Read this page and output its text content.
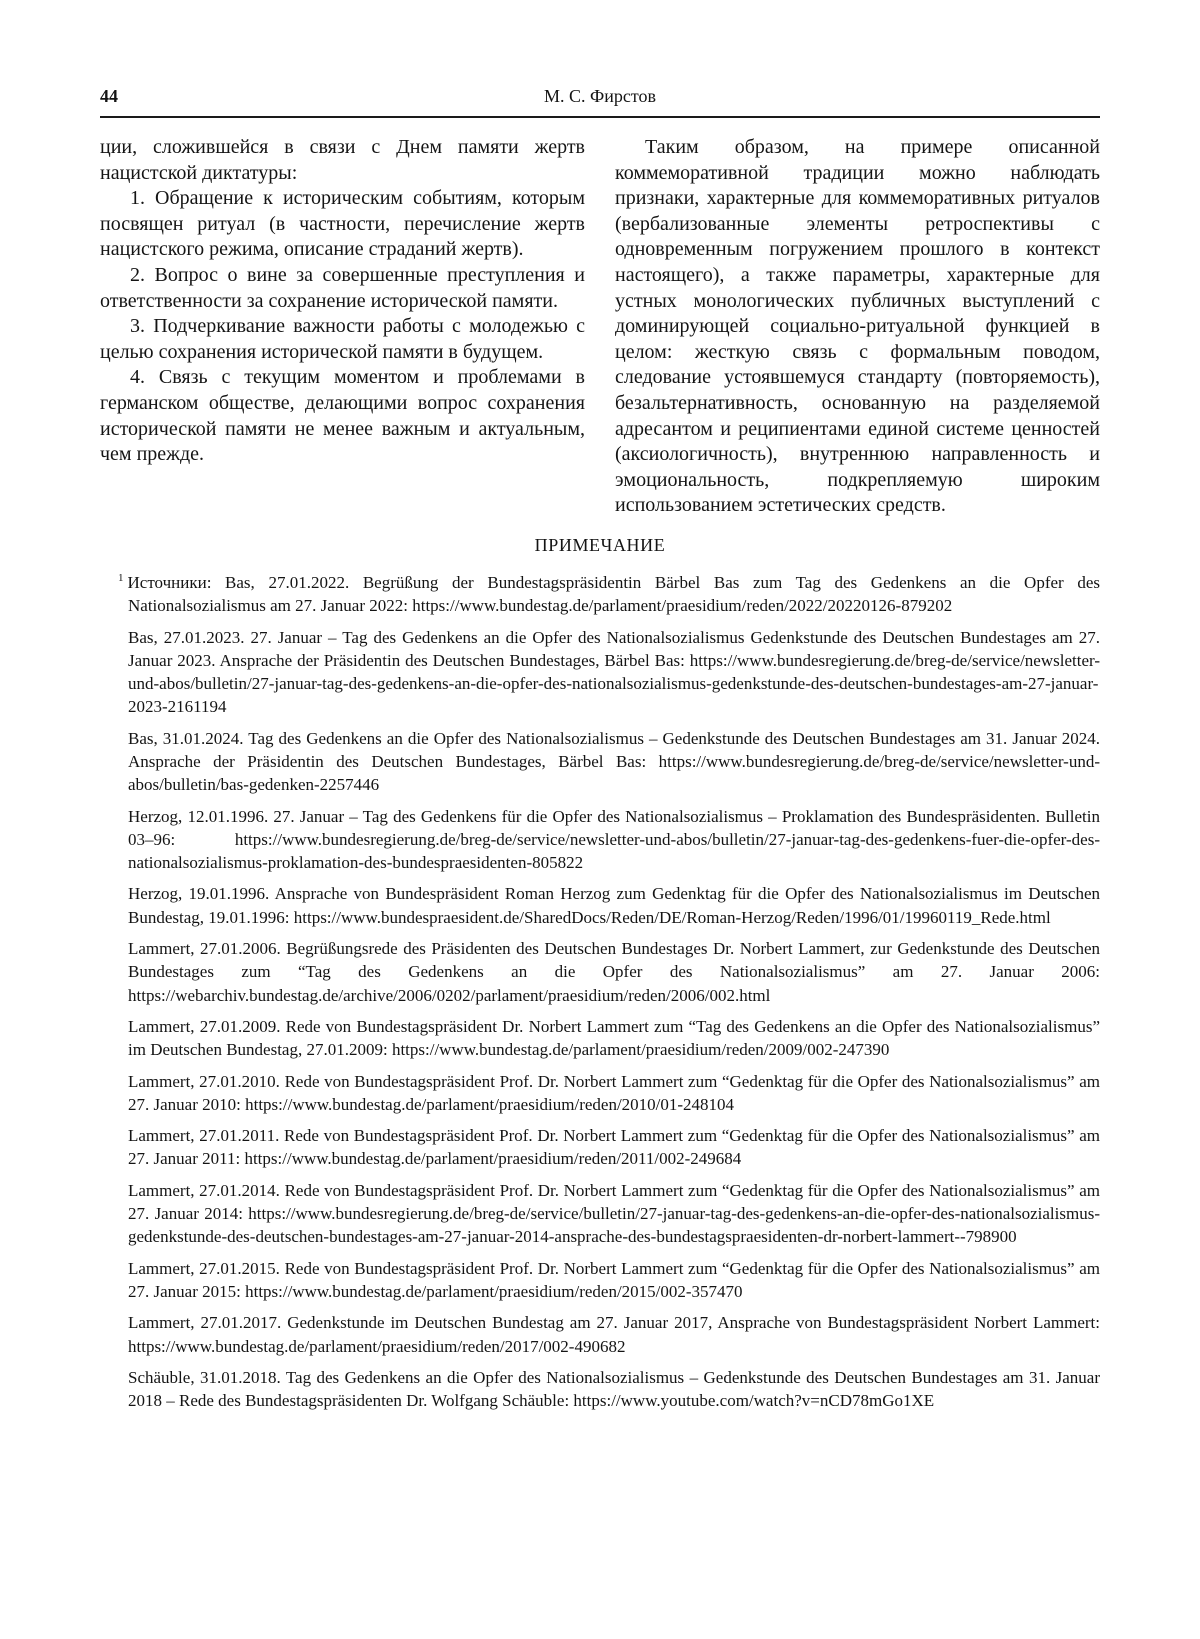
44	М. С. Фирстов

ции, сложившейся в связи с Днем памяти жертв нацистской диктатуры:

1. Обращение к историческим событиям, которым посвящен ритуал (в частности, перечисление жертв нацистского режима, описание страданий жертв).

2. Вопрос о вине за совершенные преступления и ответственности за сохранение исторической памяти.

3. Подчеркивание важности работы с молодежью с целью сохранения исторической памяти в будущем.

4. Связь с текущим моментом и проблемами в германском обществе, делающими вопрос сохранения исторической памяти не менее важным и актуальным, чем прежде.

Таким образом, на примере описанной коммеморативной традиции можно наблюдать признаки, характерные для коммеморативных ритуалов (вербализованные элементы ретроспективы с одновременным погружением прошлого в контекст настоящего), а также параметры, характерные для устных монологических публичных выступлений с доминирующей социально-ритуальной функцией в целом: жесткую связь с формальным поводом, следование устоявшемуся стандарту (повторяемость), безальтернативность, основанную на разделяемой адресантом и реципиентами единой системе ценностей (аксиологичность), внутреннюю направленность и эмоциональность, подкрепляемую широким использованием эстетических средств.

ПРИМЕЧАНИЕ

$^1$ Источники: Bas, 27.01.2022. Begrüßung der Bundestagspräsidentin Bärbel Bas zum Tag des Gedenkens an die Opfer des Nationalsozialismus am 27. Januar 2022: https://www.bundestag.de/parlament/praesidium/reden/2022/20220126-879202

Bas, 27.01.2023. 27. Januar – Tag des Gedenkens an die Opfer des Nationalsozialismus Gedenkstunde des Deutschen Bundestages am 27. Januar 2023. Ansprache der Präsidentin des Deutschen Bundestages, Bärbel Bas: https://www.bundesregierung.de/breg-de/service/newsletter-und-abos/bulletin/27-januar-tag-des-gedenkens-an-die-opfer-des-nationalsozialismus-gedenkstunde-des-deutschen-bundestages-am-27-januar-2023-2161194

Bas, 31.01.2024. Tag des Gedenkens an die Opfer des Nationalsozialismus – Gedenkstunde des Deutschen Bundestages am 31. Januar 2024. Ansprache der Präsidentin des Deutschen Bundestages, Bärbel Bas: https://www.bundesregierung.de/breg-de/service/newsletter-und-abos/bulletin/bas-gedenken-2257446

Herzog, 12.01.1996. 27. Januar – Tag des Gedenkens für die Opfer des Nationalsozialismus – Proklamation des Bundespräsidenten. Bulletin 03–96: https://www.bundesregierung.de/breg-de/service/newsletter-und-abos/bulletin/27-januar-tag-des-gedenkens-fuer-die-opfer-des-nationalsozialismus-proklamation-des-bundespraesidenten-805822

Herzog, 19.01.1996. Ansprache von Bundespräsident Roman Herzog zum Gedenktag für die Opfer des Nationalsozialismus im Deutschen Bundestag, 19.01.1996: https://www.bundespraesident.de/SharedDocs/Reden/DE/Roman-Herzog/Reden/1996/01/19960119_Rede.html

Lammert, 27.01.2006. Begrüßungsrede des Präsidenten des Deutschen Bundestages Dr. Norbert Lammert, zur Gedenkstunde des Deutschen Bundestages zum “Tag des Gedenkens an die Opfer des Nationalsozialismus” am 27. Januar 2006: https://webarchiv.bundestag.de/archive/2006/0202/parlament/praesidium/reden/2006/002.html

Lammert, 27.01.2009. Rede von Bundestagspräsident Dr. Norbert Lammert zum “Tag des Gedenkens an die Opfer des Nationalsozialismus” im Deutschen Bundestag, 27.01.2009: https://www.bundestag.de/parlament/praesidium/reden/2009/002-247390

Lammert, 27.01.2010. Rede von Bundestagspräsident Prof. Dr. Norbert Lammert zum “Gedenktag für die Opfer des Nationalsozialismus” am 27. Januar 2010: https://www.bundestag.de/parlament/praesidium/reden/2010/01-248104

Lammert, 27.01.2011. Rede von Bundestagspräsident Prof. Dr. Norbert Lammert zum “Gedenktag für die Opfer des Nationalsozialismus” am 27. Januar 2011: https://www.bundestag.de/parlament/praesidium/reden/2011/002-249684

Lammert, 27.01.2014. Rede von Bundestagspräsident Prof. Dr. Norbert Lammert zum “Gedenktag für die Opfer des Nationalsozialismus” am 27. Januar 2014: https://www.bundesregierung.de/breg-de/service/bulletin/27-januar-tag-des-gedenkens-an-die-opfer-des-nationalsozialismus-gedenkstunde-des-deutschen-bundestages-am-27-januar-2014-ansprache-des-bundestagspraesidenten-dr-norbert-lammert--798900

Lammert, 27.01.2015. Rede von Bundestagspräsident Prof. Dr. Norbert Lammert zum “Gedenktag für die Opfer des Nationalsozialismus” am 27. Januar 2015: https://www.bundestag.de/parlament/praesidium/reden/2015/002-357470

Lammert, 27.01.2017. Gedenkstunde im Deutschen Bundestag am 27. Januar 2017, Ansprache von Bundestagspräsident Norbert Lammert: https://www.bundestag.de/parlament/praesidium/reden/2017/002-490682

Schäuble, 31.01.2018. Tag des Gedenkens an die Opfer des Nationalsozialismus – Gedenkstunde des Deutschen Bundestages am 31. Januar 2018 – Rede des Bundestagspräsidenten Dr. Wolfgang Schäuble: https://www.youtube.com/watch?v=nCD78mGo1XE
